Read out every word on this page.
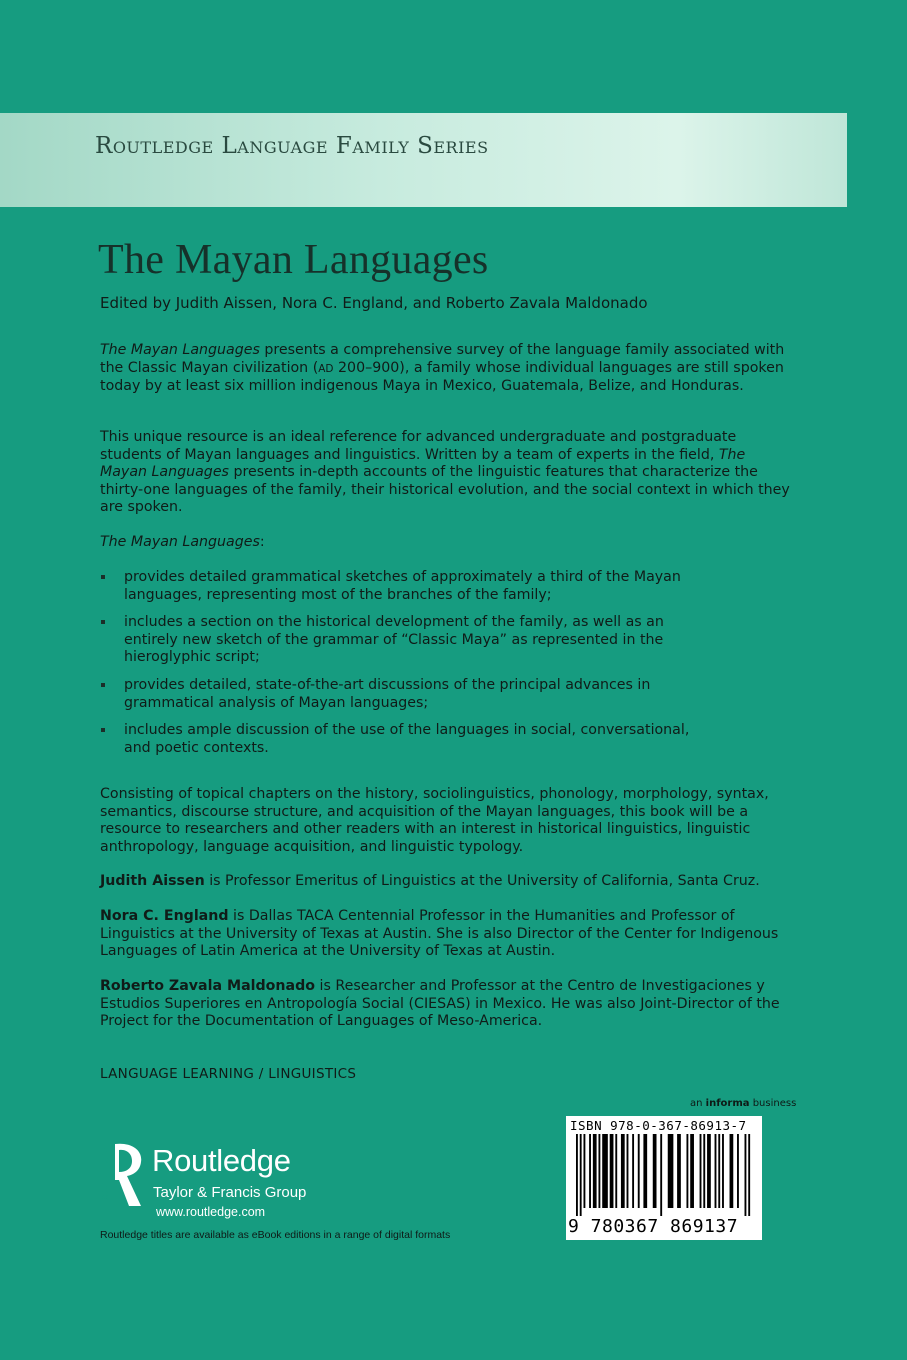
Routledge Language Family Series
The Mayan Languages
Edited by Judith Aissen, Nora C. England, and Roberto Zavala Maldonado

The Mayan Languages presents a comprehensive survey of the language family associated with the Classic Mayan civilization (AD 200–900), a family whose individual languages are still spoken today by at least six million indigenous Maya in Mexico, Guatemala, Belize, and Honduras.

This unique resource is an ideal reference for advanced undergraduate and postgraduate students of Mayan languages and linguistics. Written by a team of experts in the field, The Mayan Languages presents in-depth accounts of the linguistic features that characterize the thirty-one languages of the family, their historical evolution, and the social context in which they are spoken.

The Mayan Languages:

provides detailed grammatical sketches of approximately a third of the Mayan languages, representing most of the branches of the family;
includes a section on the historical development of the family, as well as an entirely new sketch of the grammar of “Classic Maya” as represented in the hieroglyphic script;
provides detailed, state-of-the-art discussions of the principal advances in grammatical analysis of Mayan languages;
includes ample discussion of the use of the languages in social, conversational, and poetic contexts.

Consisting of topical chapters on the history, sociolinguistics, phonology, morphology, syntax, semantics, discourse structure, and acquisition of the Mayan languages, this book will be a resource to researchers and other readers with an interest in historical linguistics, linguistic anthropology, language acquisition, and linguistic typology.

Judith Aissen is Professor Emeritus of Linguistics at the University of California, Santa Cruz.

Nora C. England is Dallas TACA Centennial Professor in the Humanities and Professor of Linguistics at the University of Texas at Austin. She is also Director of the Center for Indigenous Languages of Latin America at the University of Texas at Austin.

Roberto Zavala Maldonado is Researcher and Professor at the Centro de Investigaciones y Estudios Superiores en Antropología Social (CIESAS) in Mexico. He was also Joint-Director of the Project for the Documentation of Languages of Meso-America.

LANGUAGE LEARNING / LINGUISTICS
an informa business
ISBN 978-0-367-86913-7
9 780367 869137
ROUTLEDGE Routledge
Taylor & Francis Group
www.routledge.com
Routledge titles are available as eBook editions in a range of digital formats
